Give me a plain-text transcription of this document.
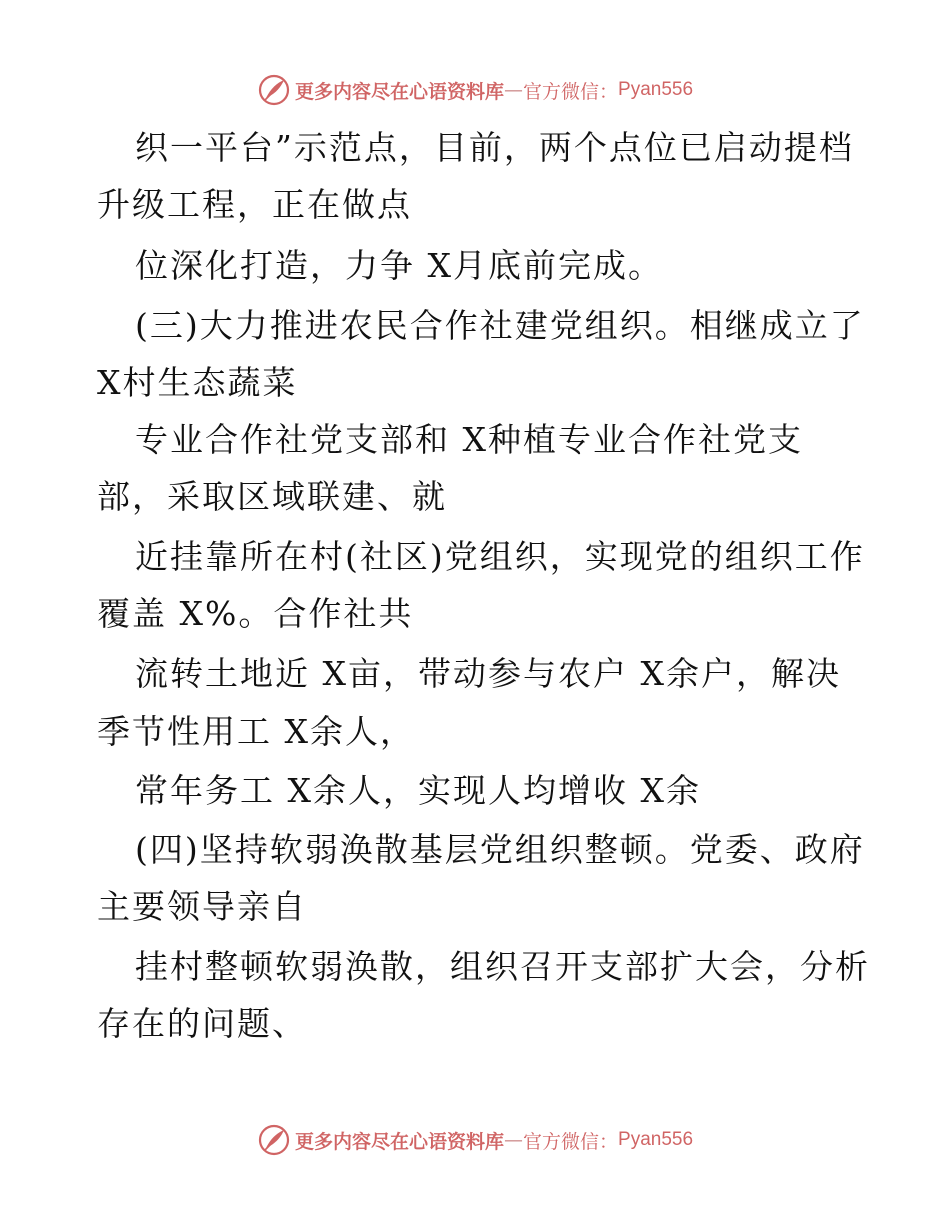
更多内容尽在心语资料库 — 官方微信 ： Pyan556
织一平台”示范点，目前，两个点位已启动提档
升级工程，正在做点
位深化打造，力争 X月底前完成。
(三)大力推进农民合作社建党组织。相继成立了
X村生态蔬菜
专业合作社党支部和 X种植专业合作社党支
部，采取区域联建、就
近挂靠所在村(社区)党组织，实现党的组织工作
覆盖 X%。合作社共
流转土地近 X亩，带动参与农户 X余户，解决
季节性用工 X余人，
常年务工 X余人，实现人均增收 X余
(四)坚持软弱涣散基层党组织整顿。党委、政府
主要领导亲自
挂村整顿软弱涣散，组织召开支部扩大会，分析
存在的问题、
更多内容尽在心语资料库 — 官方微信 ： Pyan556
